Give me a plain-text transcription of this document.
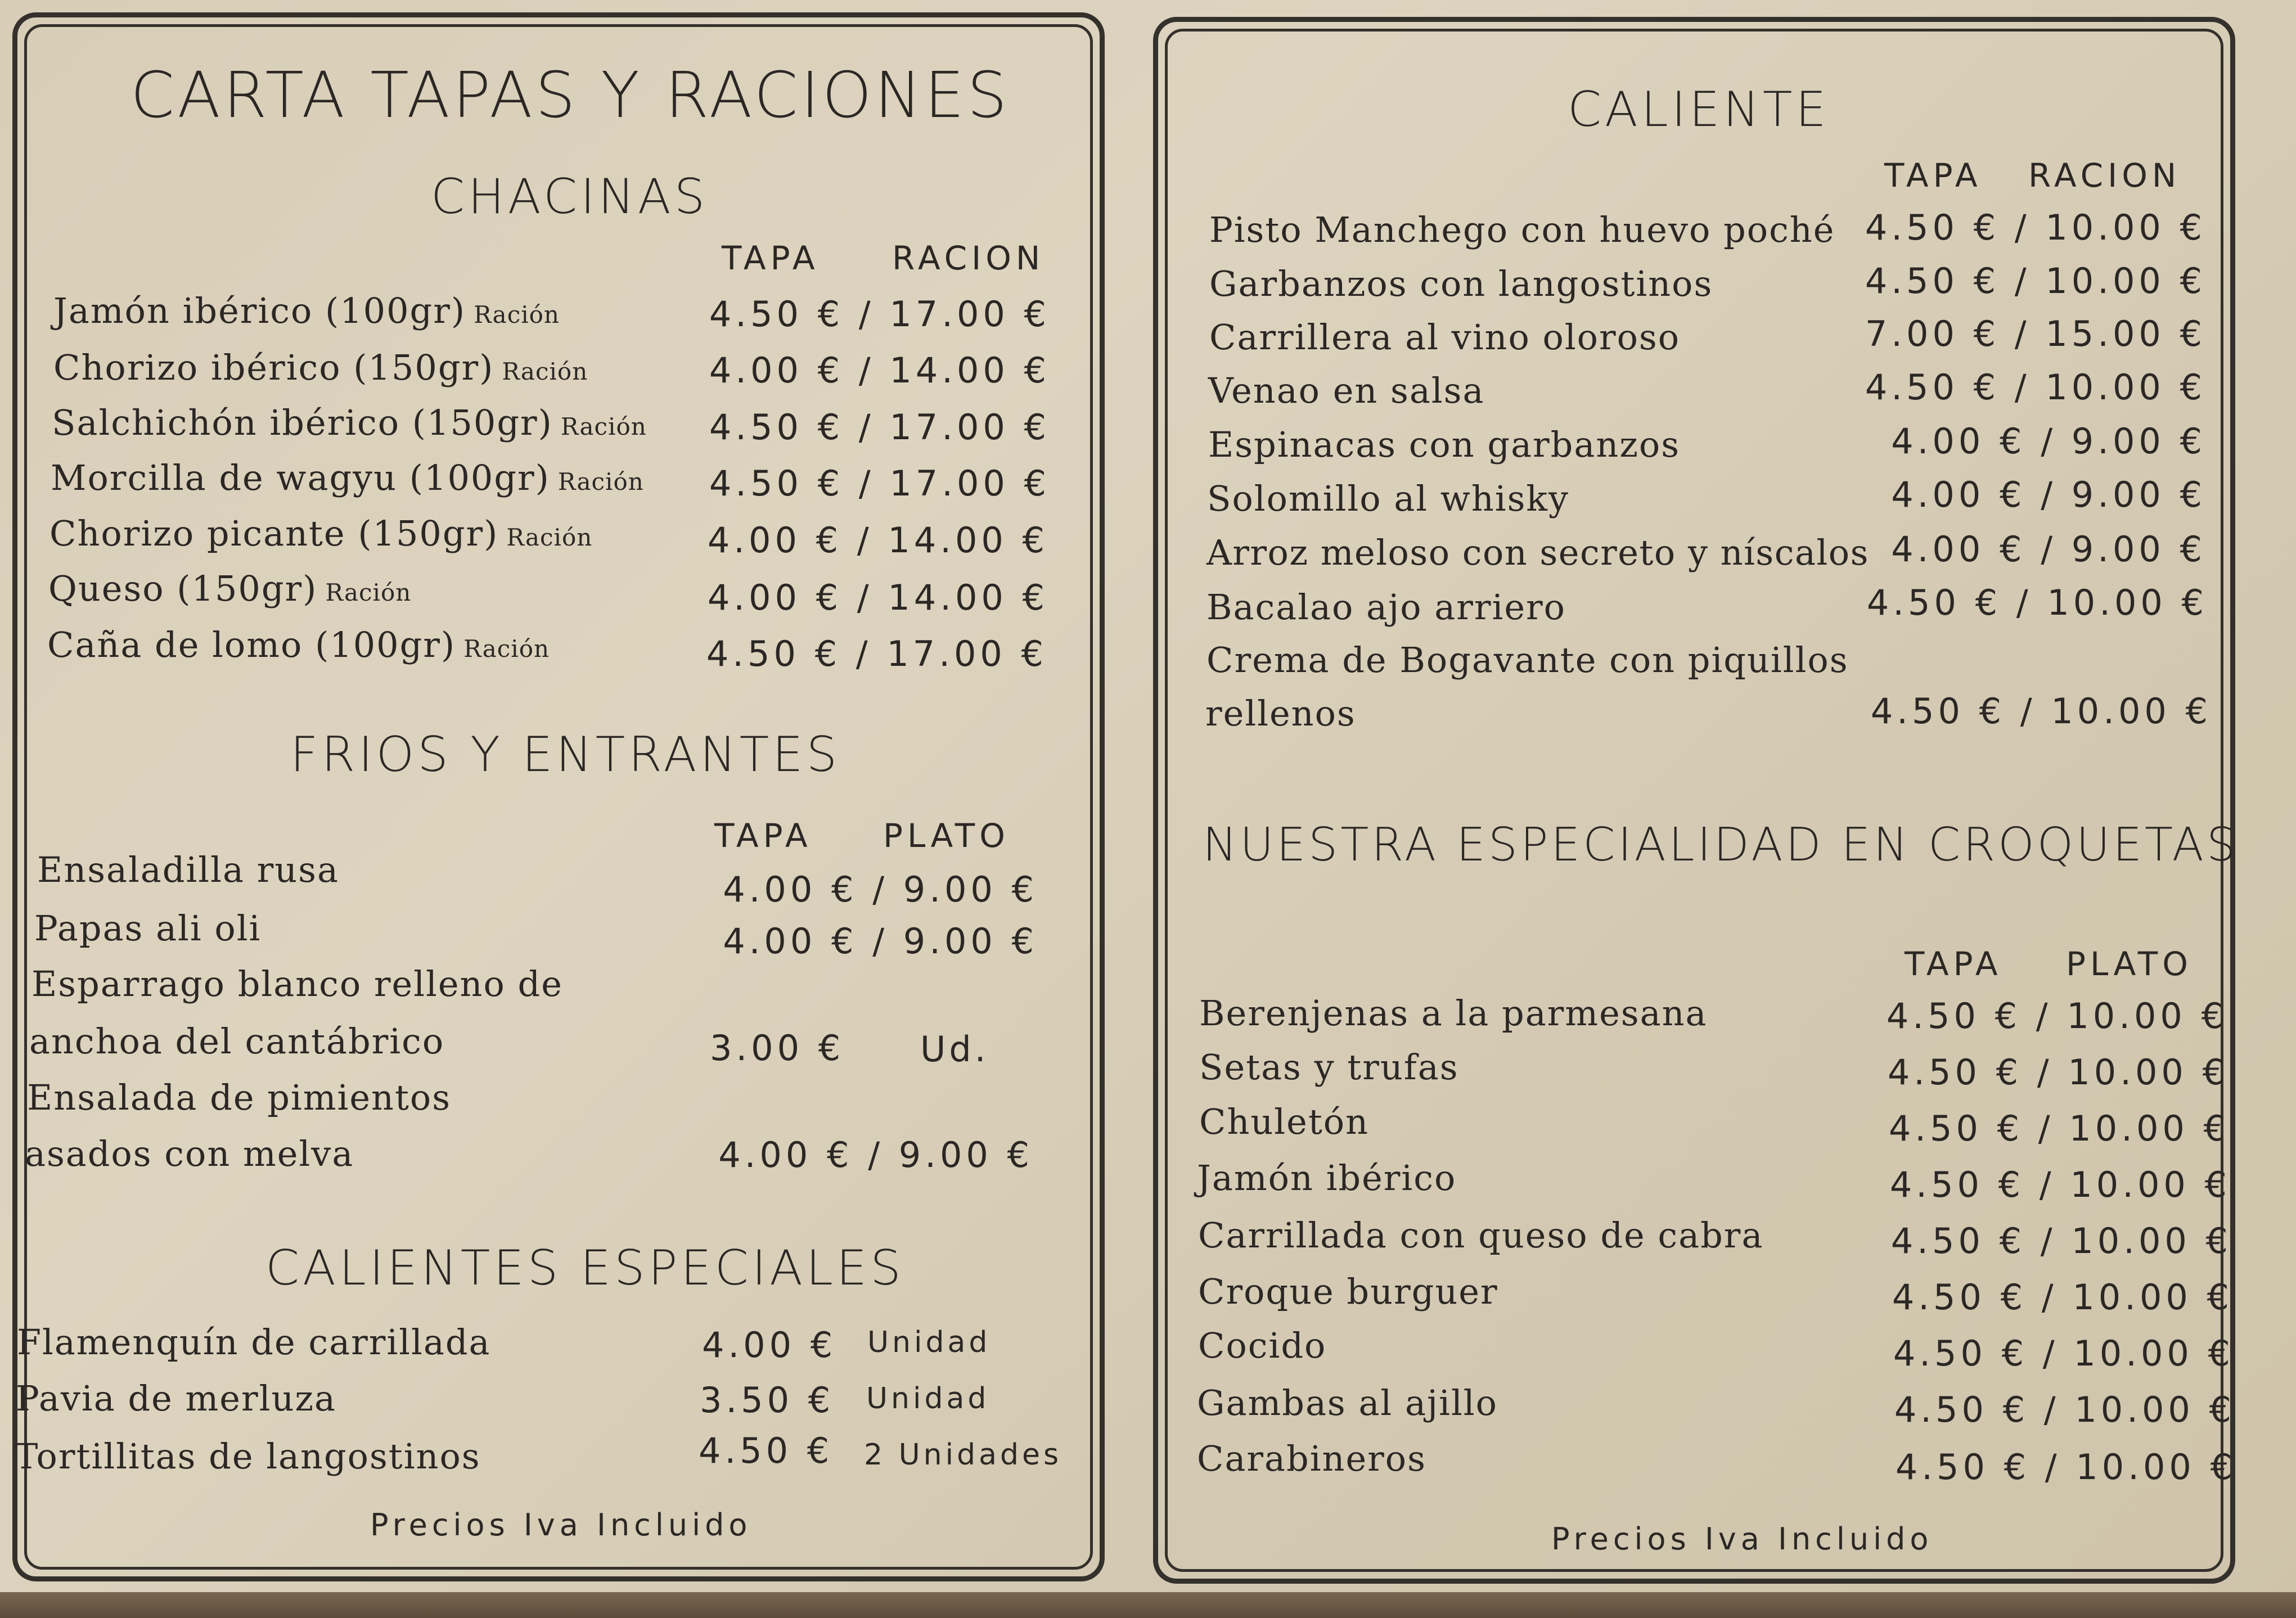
CARTA TAPAS Y RACIONES
CHACINAS
TAPA RACION
Jamón ibérico (100gr) Ración	4.50 € / 17.00 €
Chorizo ibérico (150gr) Ración	4.00 € / 14.00 €
Salchichón ibérico (150gr) Ración 4.50 € / 17.00 €
Morcilla de wagyu (100gr) Ración 4.50 € / 17.00 €
Chorizo picante (150gr) Ración	4.00 € / 14.00 €
Queso (150gr) Ración	4.00 € / 14.00 €
Caña de lomo (100gr) Ración	4.50 € / 17.00 €
FRIOS Y ENTRANTES
TAPA PLATO
Ensaladilla rusa	4.00 € / 9.00 €
Papas ali oli	4.00 € / 9.00 €
Esparrago blanco relleno de
anchoa del cantábrico	3.00 € Ud.
Ensalada de pimientos
asados con melva	4.00 € / 9.00 €
CALIENTES ESPECIALES
Flamenquín de carrillada	4.00 € Unidad
Pavia de merluza	3.50 € Unidad
Tortillitas de langostinos	4.50 € 2 Unidades
Precios Iva Incluido
CALIENTE
TAPA RACION
Pisto Manchego con huevo poché 4.50 € / 10.00 €
Garbanzos con langostinos	4.50 € / 10.00 €
Carrillera al vino oloroso	7.00 € / 15.00 €
Venao en salsa	4.50 € / 10.00 €
Espinacas con garbanzos	4.00 € / 9.00 €
Solomillo al whisky	4.00 € / 9.00 €
Arroz meloso con secreto y níscalos 4.00 € / 9.00 €
Bacalao ajo arriero	4.50 € / 10.00 €
Crema de Bogavante con piquillos
rellenos	4.50 € / 10.00 €
NUESTRA ESPECIALIDAD EN CROQUETAS
TAPA PLATO
Berenjenas a la parmesana	4.50 € / 10.00 €
Setas y trufas	4.50 € / 10.00 €
Chuletón	4.50 € / 10.00 €
Jamón ibérico	4.50 € / 10.00 €
Carrillada con queso de cabra	4.50 € / 10.00 €
Croque burguer	4.50 € / 10.00 €
Cocido	4.50 € / 10.00 €
Gambas al ajillo	4.50 € / 10.00 €
Carabineros	4.50 € / 10.00 €
Precios Iva Incluido
